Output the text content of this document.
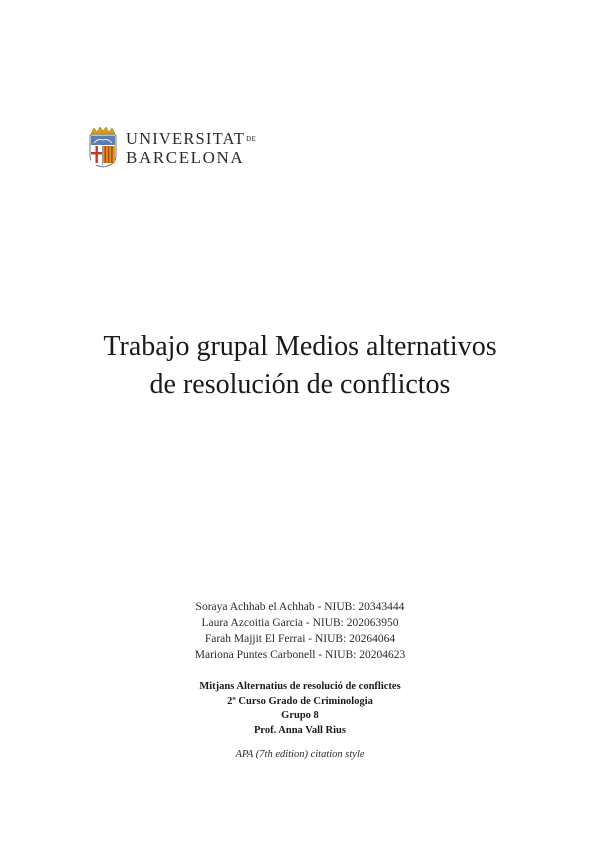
UNIVERSITATDE
BARCELONA
Trabajo grupal Medios alternativos
de resolución de conflictos
Soraya Achhab el Achhab - NIUB: 20343444
Laura Azcoitia Garcia - NIUB: 202063950
Farah Majjit El Ferrai - NIUB: 20264064
Mariona Puntes Carbonell - NIUB: 20204623
Mitjans Alternatius de resolució de conflictes
2º Curso Grado de Criminologia
Grupo 8
Prof. Anna Vall Rius
APA (7th edition) citation style
